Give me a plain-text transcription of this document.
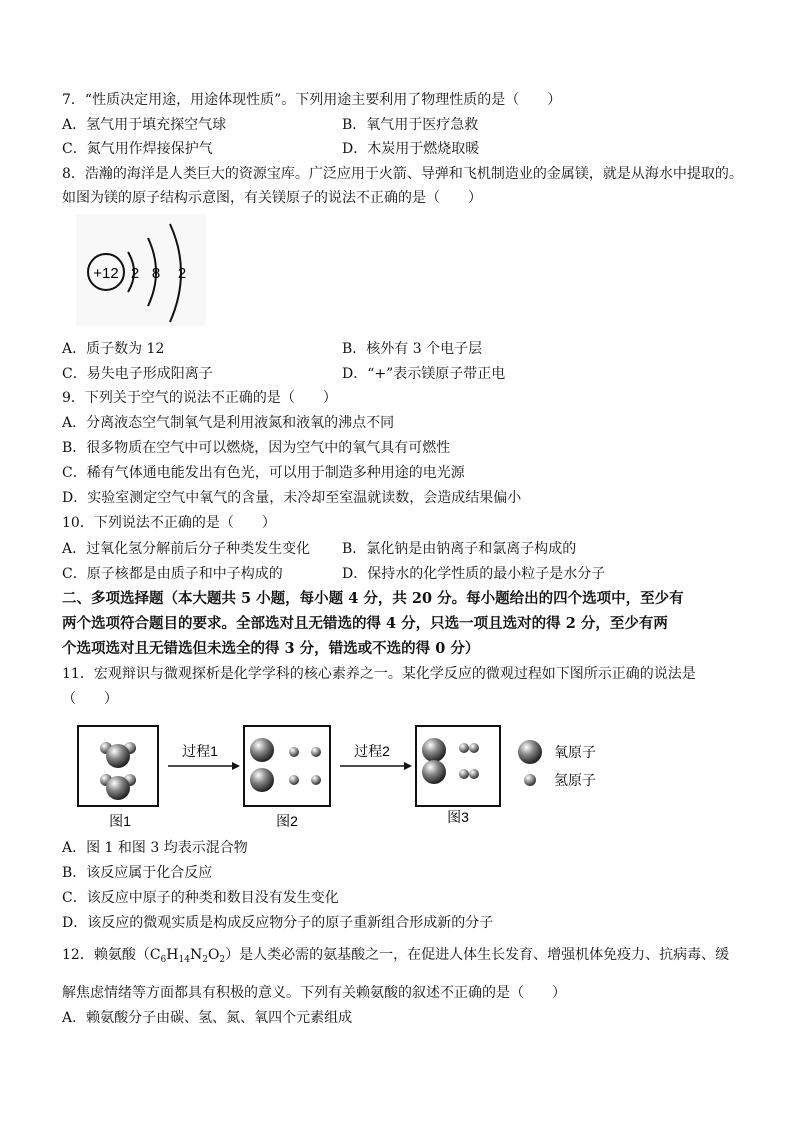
7．“性质决定用途，用途体现性质”。下列用途主要利用了物理性质的是（　　）
A．氢气用于填充探空气球	B．氧气用于医疗急救
C．氮气用作焊接保护气	D．木炭用于燃烧取暖
8．浩瀚的海洋是人类巨大的资源宝库。广泛应用于火箭、导弹和飞机制造业的金属镁，就是从海水中提取的。
如图为镁的原子结构示意图，有关镁原子的说法不正确的是（　　）
+12 2 8 2
A．质子数为 12	B．核外有 3 个电子层
C．易失电子形成阳离子	D．“+”表示镁原子带正电
9．下列关于空气的说法不正确的是（　　）
A．分离液态空气制氧气是利用液氮和液氧的沸点不同
B．很多物质在空气中可以燃烧，因为空气中的氧气具有可燃性
C．稀有气体通电能发出有色光，可以用于制造多种用途的电光源
D．实验室测定空气中氧气的含量，未冷却至室温就读数，会造成结果偏小
10．下列说法不正确的是（　　）
A．过氧化氢分解前后分子种类发生变化 B．氯化钠是由钠离子和氯离子构成的
C．原子核都是由质子和中子构成的	D．保持水的化学性质的最小粒子是水分子
二、多项选择题（本大题共 5 小题，每小题 4 分，共 20 分。每小题给出的四个选项中，至少有
两个选项符合题目的要求。全部选对且无错选的得 4 分，只选一项且选对的得 2 分，至少有两
个选项选对且无错选但未选全的得 3 分，错选或不选的得 0 分）
11．宏观辩识与微观探析是化学学科的核心素养之一。某化学反应的微观过程如下图所示正确的说法是
（　　）
图1
过程1
图2
过程2
图3
氧原子
氢原子
A．图 1 和图 3 均表示混合物
B．该反应属于化合反应
C．该反应中原子的种类和数目没有发生变化
D．该反应的微观实质是构成反应物分子的原子重新组合形成新的分子
12．赖氨酸$(C_6H_{14}N_2O_2)$是人类必需的氨基酸之一，在促进人体生长发育、增强机体免疫力、抗病毒、缓
解焦虑情绪等方面都具有积极的意义。下列有关赖氨酸的叙述不正确的是（　　）
A．赖氨酸分子由碳、氢、氮、氧四个元素组成
